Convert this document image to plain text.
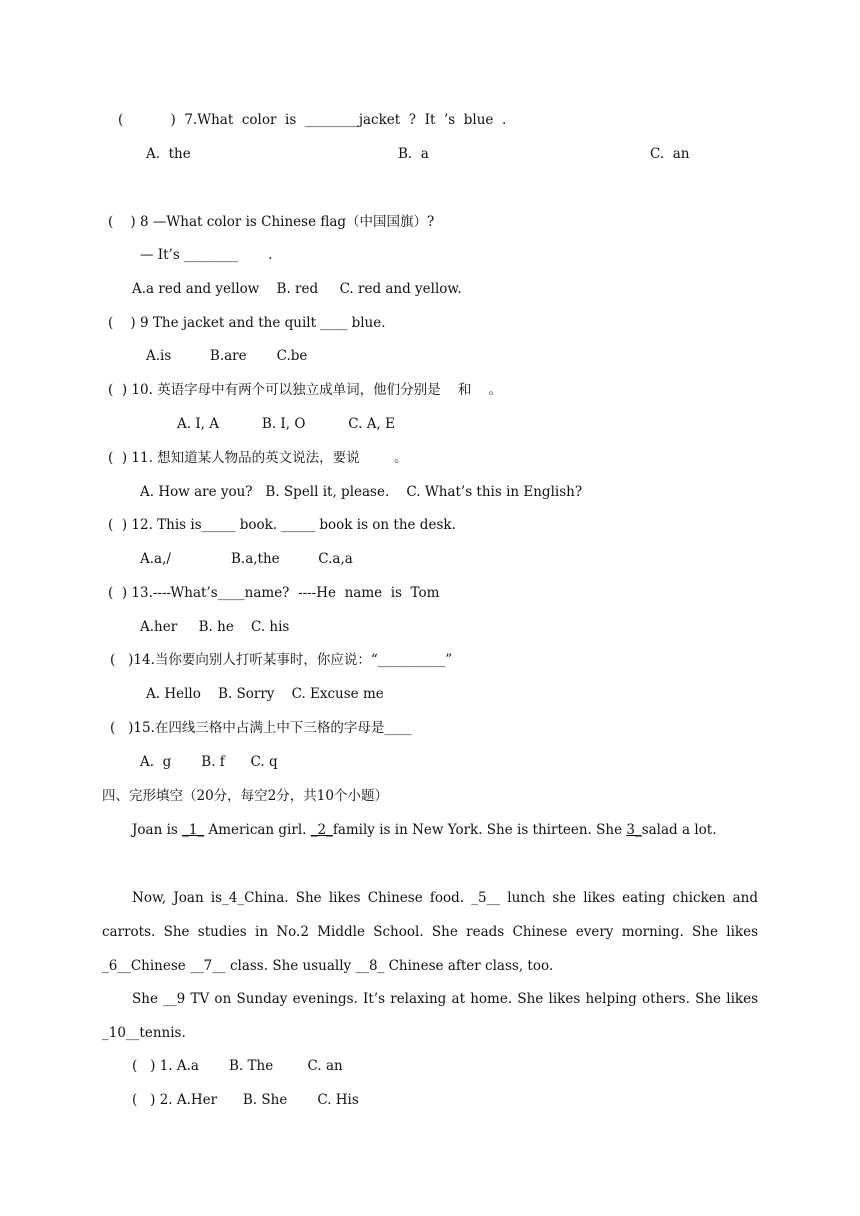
(           )  7.What  color  is  ________jacket  ?  It  ’s  blue  .
A.  the	B.  a	C.  an
(    ) 8 —What color is Chinese flag（中国国旗）?
— It’s ________       .
A.a red and yellow    B. red     C. red and yellow.
(    ) 9 The jacket and the quilt ____ blue.
A.is         B.are       C.be
(  ) 10. 英语字母中有两个可以独立成单词，他们分别是    和    。
A. I, A          B. I, O          C. A, E
(  ) 11. 想知道某人物品的英文说法，要说        。
A. How are you?   B. Spell it, please.    C. What’s this in English?
(  ) 12. This is_____ book. _____ book is on the desk.
A.a,/              B.a,the         C.a,a
(  ) 13.----What’s____name?  ----He  name  is  Tom
A.her     B. he    C. his
(   )14.当你要向别人打听某事时，你应说：“__________”
A. Hello    B. Sorry    C. Excuse me
(   )15.在四线三格中占满上中下三格的字母是____
A.  g       B. f      C. q
四、完形填空（20分，每空2分，共10个小题）
Joan is _1_ American girl. _2_family is in New York. She is thirteen. She 3_salad a lot.
Now, Joan is_4_China. She likes Chinese food. _5__ lunch she likes eating chicken and carrots. She studies in No.2 Middle School. She reads Chinese every morning. She likes _6__Chinese __7__ class. She usually __8_ Chinese after class, too.
She __9 TV on Sunday evenings. It’s relaxing at home. She likes helping others. She likes _10__tennis.
(   ) 1. A.a       B. The        C. an
(   ) 2. A.Her      B. She       C. His
